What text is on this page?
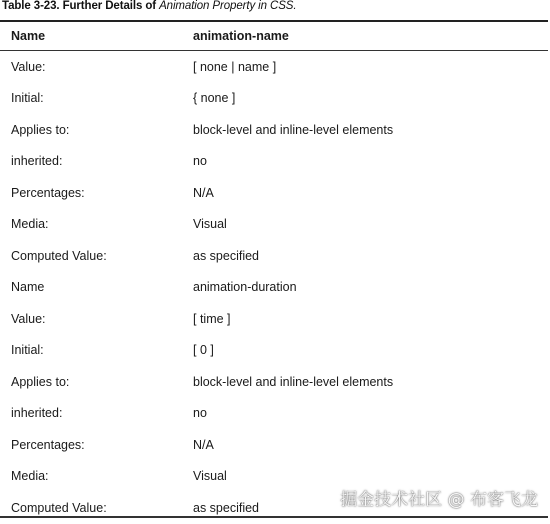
Table 3-23. Further Details of Animation Property in CSS.
Name	animation-name
Value:	[ none | name ]
Initial:	{ none ]
Applies to:	block-level and inline-level elements
inherited:	no
Percentages:	N/A
Media:	Visual
Computed Value:	as specified
Name	animation-duration
Value:	[ time ]
Initial:	[ 0 ]
Applies to:	block-level and inline-level elements
inherited:	no
Percentages:	N/A
Media:	Visual
Computed Value:	as specified	掘金技术社区 @ 布客飞龙
